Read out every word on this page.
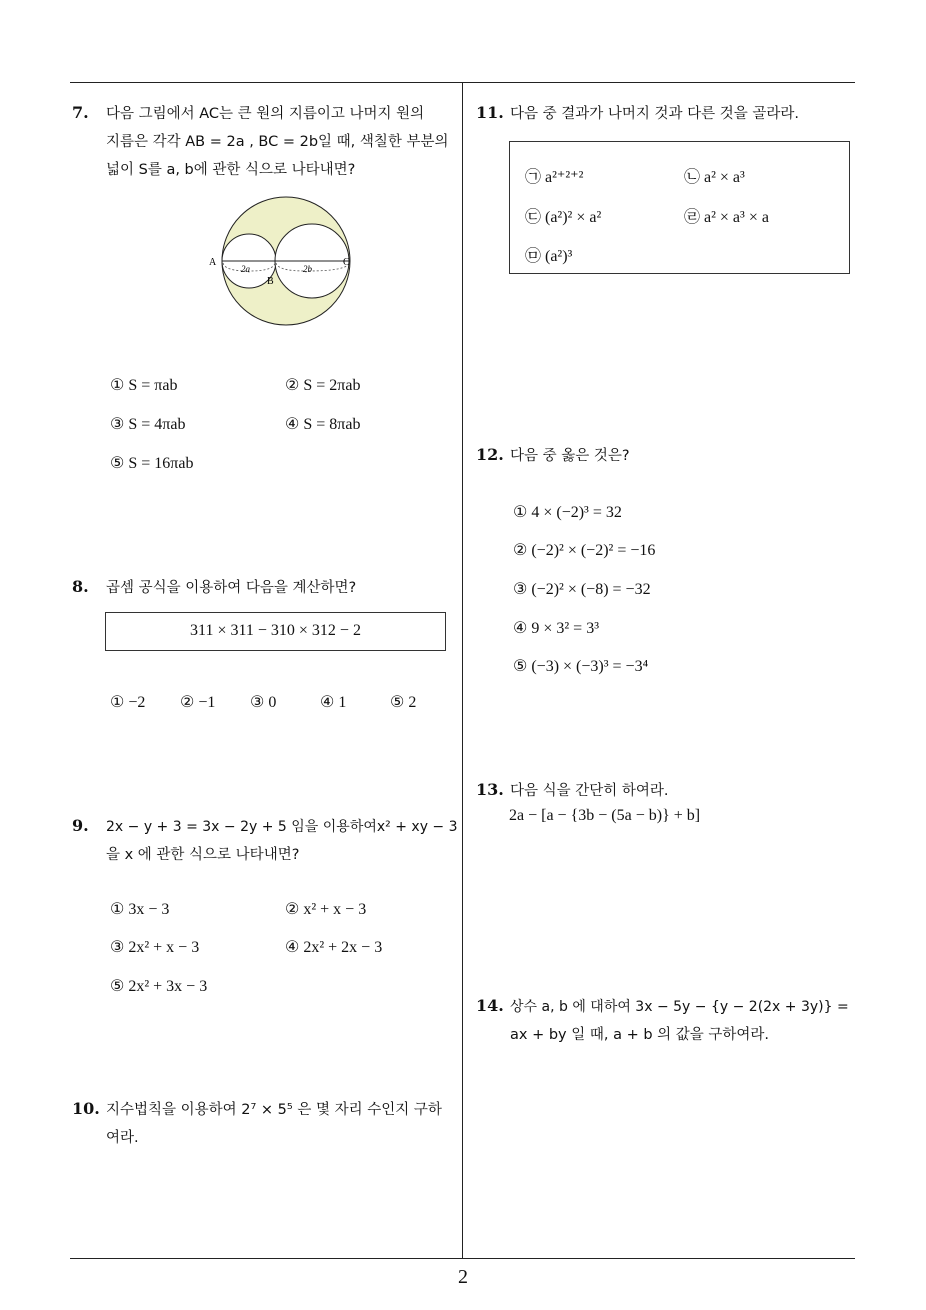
7. 다음 그림에서 AC는 큰 원의 지름이고 나머지 원의
지름은 각각 AB = 2a , BC = 2b일 때, 색칠한 부분의
넓이 S를 a, b에 관한 식으로 나타내면?
A
B
C
2a	2b
① S = πab	② S = 2πab
③ S = 4πab	④ S = 8πab
⑤ S = 16πab
8. 곱셈 공식을 이용하여 다음을 계산하면?
311 × 311 − 310 × 312 − 2
① −2 ② −1 ③ 0	④ 1	⑤ 2
9. 2x − y + 3 = 3x − 2y + 5 임을 이용하여x² + xy − 3
을 x 에 관한 식으로 나타내면?
① 3x − 3	② x² + x − 3
③ 2x² + x − 3	④ 2x² + 2x − 3
⑤ 2x² + 3x − 3
10. 지수법칙을 이용하여 2⁷ × 5⁵ 은 몇 자리 수인지 구하
여라.
11. 다음 중 결과가 나머지 것과 다른 것을 골라라.
㉠ a²⁺²⁺²	㉡ a² × a³
㉢ (a²)² × a²	㉣ a² × a³ × a
㉤ (a²)³
12. 다음 중 옳은 것은?
① 4 × (−2)³ = 32
② (−2)² × (−2)² = −16
③ (−2)² × (−8) = −32
④ 9 × 3² = 3³
⑤ (−3) × (−3)³ = −3⁴
13. 다음 식을 간단히 하여라.
2a − [a − {3b − (5a − b)} + b]
14. 상수 a, b 에 대하여 3x − 5y − {y − 2(2x + 3y)} =
ax + by 일 때, a + b 의 값을 구하여라.
2
